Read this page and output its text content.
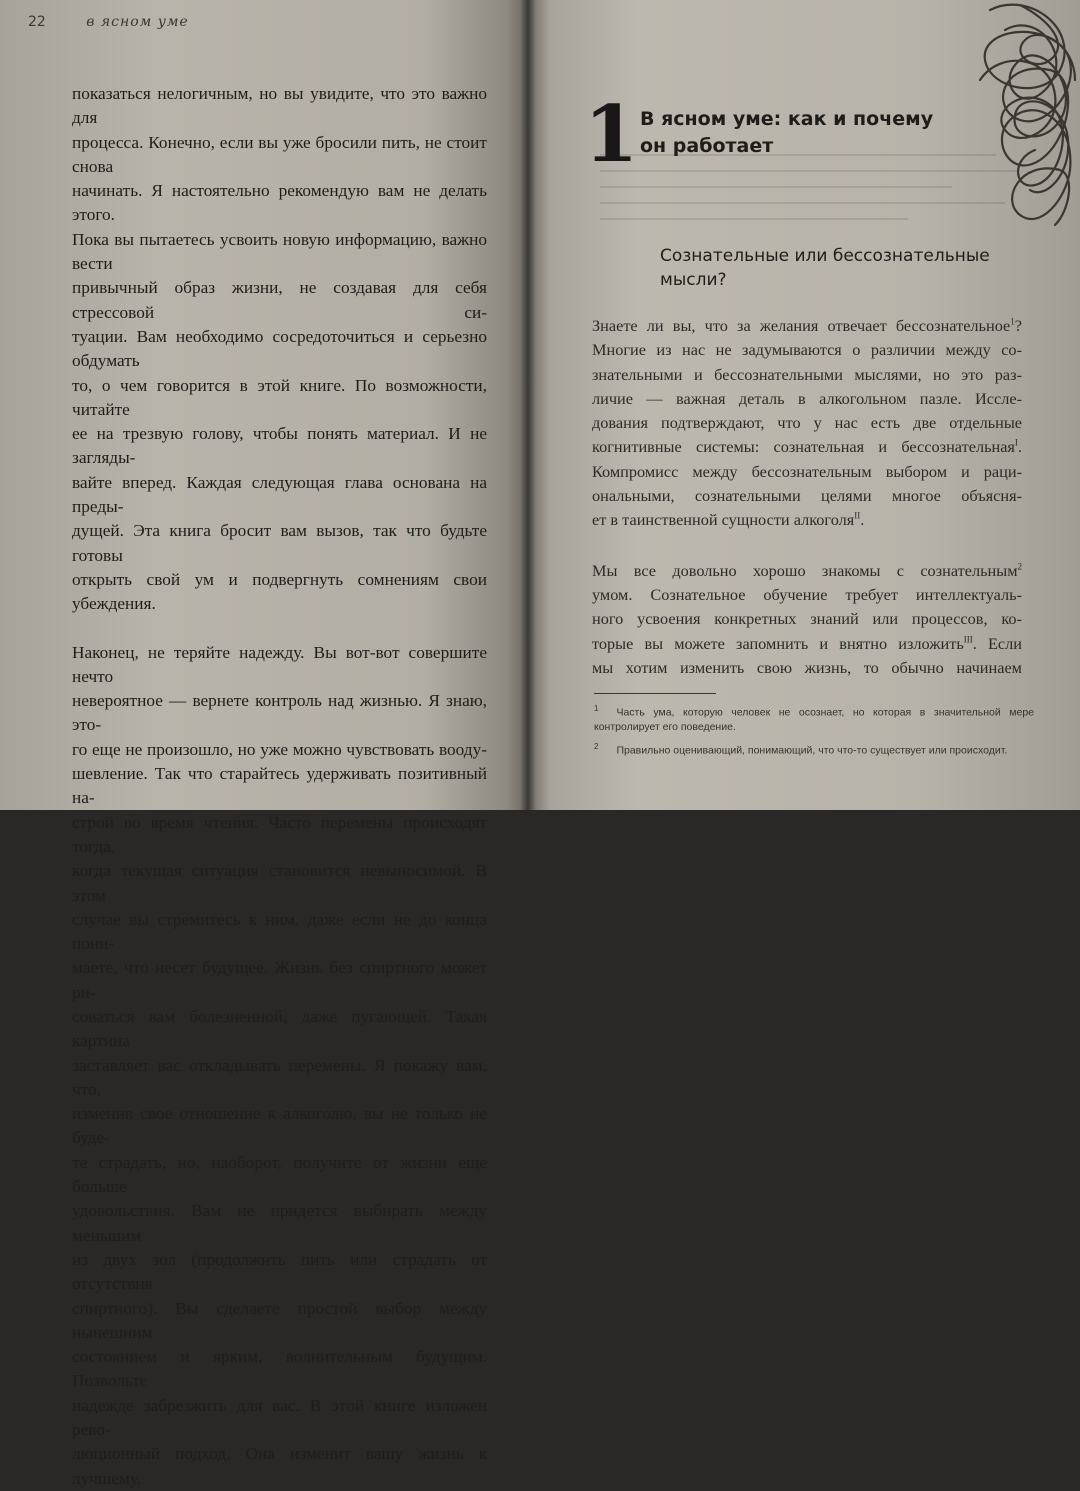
22	в ясном уме

показаться нелогичным, но вы увидите, что это важно для

процесса. Конечно, если вы уже бросили пить, не стоит снова

начинать. Я настоятельно рекомендую вам не делать этого.

Пока вы пытаетесь усвоить новую информацию, важно вести

привычный образ жизни, не создавая для себя стрессовой си-

туации. Вам необходимо сосредоточиться и серьезно обдумать

то, о чем говорится в этой книге. По возможности, читайте

ее на трезвую голову, чтобы понять материал. И не загляды-

вайте вперед. Каждая следующая глава основана на преды-

дущей. Эта книга бросит вам вызов, так что будьте готовы

открыть свой ум и подвергнуть сомнениям свои убеждения.

Наконец, не теряйте надежду. Вы вот-вот совершите нечто

невероятное — вернете контроль над жизнью. Я знаю, это-

го еще не произошло, но уже можно чувствовать вооду-

шевление. Так что старайтесь удерживать позитивный на-

строй во время чтения. Часто перемены происходят тогда,

когда текущая ситуация становится невыносимой. В этом

случае вы стремитесь к ним, даже если не до конца пони-

маете, что несет будущее. Жизнь без спиртного может ри-

соваться вам болезненной, даже пугающей. Такая картина

заставляет вас откладывать перемены. Я покажу вам, что,

изменив свое отношение к алкоголю, вы не только не буде-

те страдать, но, наоборот, получите от жизни еще больше

удовольствия. Вам не придется выбирать между меньшим

из двух зол (продолжить пить или страдать от отсутствия

спиртного). Вы сделаете простой выбор между нынешним

состоянием и ярким, волнительным будущим. Позвольте

надежде забрезжить для вас. В этой книге изложен рево-

люционный подход. Она изменит вашу жизнь к лучшему.

1 В ясном уме: как и почему
он работает
Сознательные или бессознательные
мысли?

Знаете ли вы, что за желания отвечает бессознательное$^1$?

Многие из нас не задумываются о различии между со-

знательными и бессознательными мыслями, но это раз-

личие — важная деталь в алкогольном пазле. Иссле-

дования подтверждают, что у нас есть две отдельные

когнитивные системы: сознательная и бессознательная$^I$.

Компромисс между бессознательным выбором и раци-

ональными, сознательными целями многое объясня-

ет в таинственной сущности алкоголя$^{II}$.

Мы все довольно хорошо знакомы с сознательным$^2$

умом. Сознательное обучение требует интеллектуаль-

ного усвоения конкретных знаний или процессов, ко-

торые вы можете запомнить и внятно изложить$^{III}$. Если

мы хотим изменить свою жизнь, то обычно начинаем

$^1$ Часть ума, которую человек не осознает, но которая в значительной мере контролирует его поведение.

$^2$ Правильно оценивающий, понимающий, что что-то существует или происходит.
